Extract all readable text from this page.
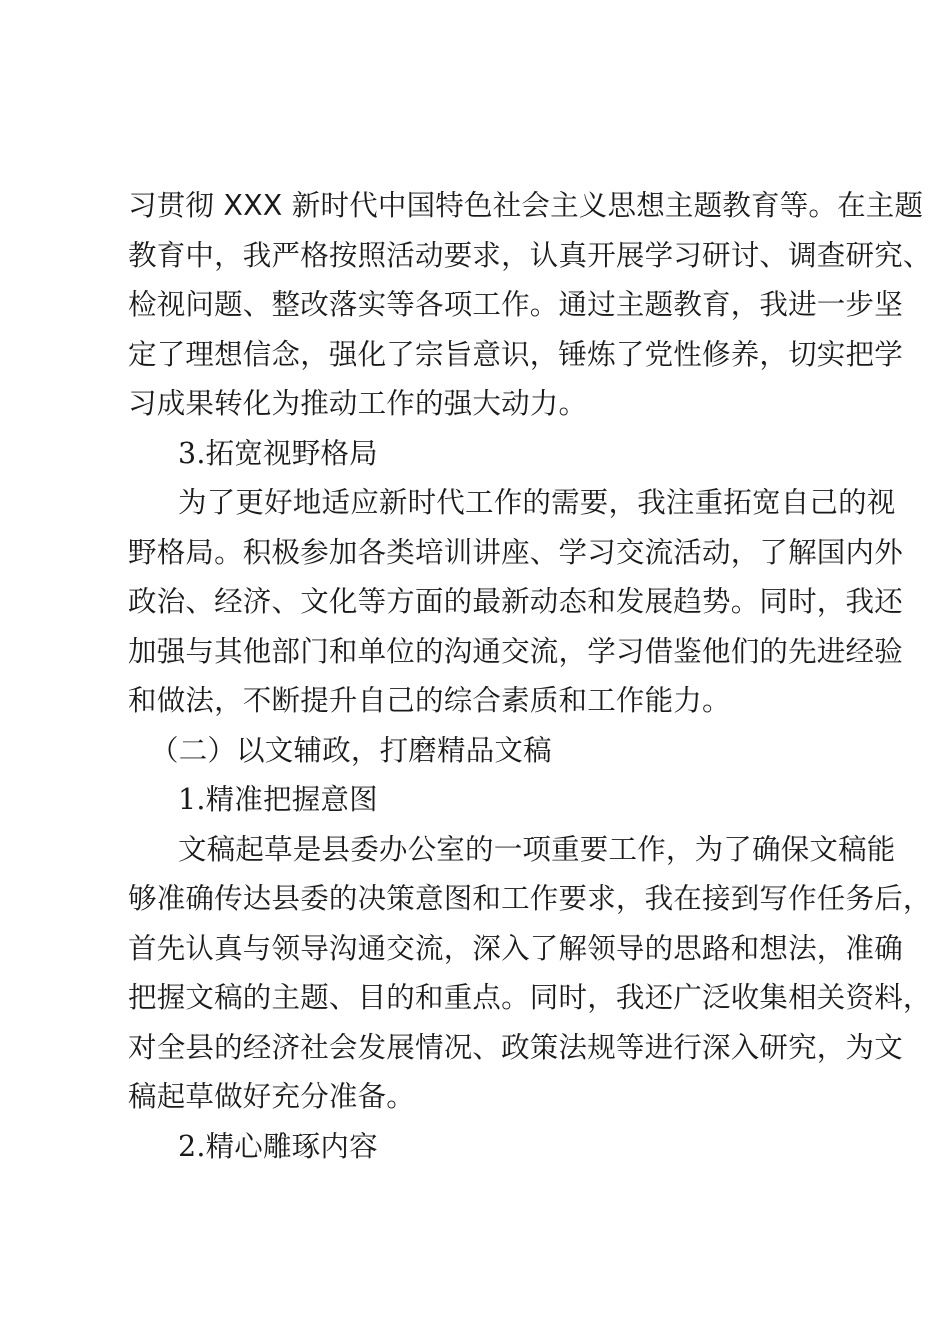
习贯彻 XXX 新时代中国特色社会主义思想主题教育等。在主题
教育中，我严格按照活动要求，认真开展学习研讨、调查研究、
检视问题、整改落实等各项工作。通过主题教育，我进一步坚
定了理想信念，强化了宗旨意识，锤炼了党性修养，切实把学
习成果转化为推动工作的强大动力。
3.拓宽视野格局
为了更好地适应新时代工作的需要，我注重拓宽自己的视
野格局。积极参加各类培训讲座、学习交流活动，了解国内外
政治、经济、文化等方面的最新动态和发展趋势。同时，我还
加强与其他部门和单位的沟通交流，学习借鉴他们的先进经验
和做法，不断提升自己的综合素质和工作能力。
（二）以文辅政，打磨精品文稿
1.精准把握意图
文稿起草是县委办公室的一项重要工作，为了确保文稿能
够准确传达县委的决策意图和工作要求，我在接到写作任务后，
首先认真与领导沟通交流，深入了解领导的思路和想法，准确
把握文稿的主题、目的和重点。同时，我还广泛收集相关资料，
对全县的经济社会发展情况、政策法规等进行深入研究，为文
稿起草做好充分准备。
2.精心雕琢内容
